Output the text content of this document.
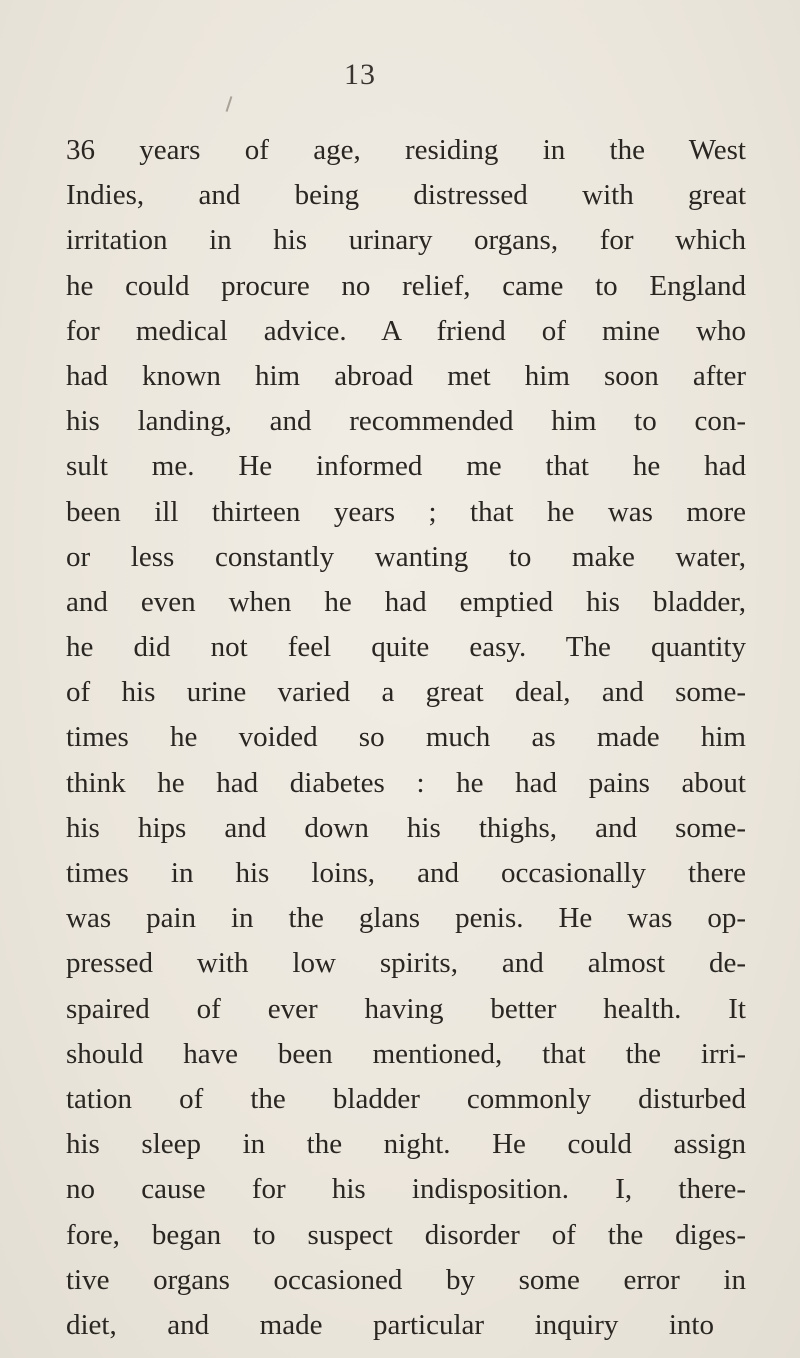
13
36 years of age, residing in the West
Indies, and being distressed with great
irritation in his urinary organs, for which
he could procure no relief, came to England
for medical advice. A friend of mine who
had known him abroad met him soon after
his landing, and recommended him to con-
sult me. He informed me that he had
been ill thirteen years ; that he was more
or less constantly wanting to make water,
and even when he had emptied his bladder,
he did not feel quite easy. The quantity
of his urine varied a great deal, and some-
times he voided so much as made him
think he had diabetes : he had pains about
his hips and down his thighs, and some-
times in his loins, and occasionally there
was pain in the glans penis. He was op-
pressed with low spirits, and almost de-
spaired of ever having better health. It
should have been mentioned, that the irri-
tation of the bladder commonly disturbed
his sleep in the night. He could assign
no cause for his indisposition. I, there-
fore, began to suspect disorder of the diges-
tive organs occasioned by some error in
diet, and made particular inquiry into
